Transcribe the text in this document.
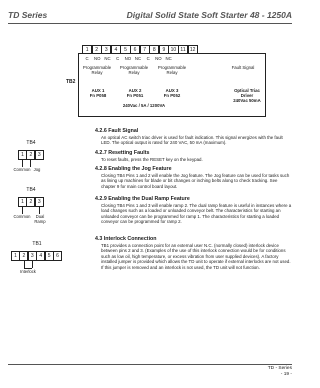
TD Series	Digital Solid State Soft Starter 48 - 1250A
TB2
1	2	3	4	5	6	7	8	9	10 11 12
C	NO NC	C	NO NC	C	NO NC
Programmable Relay
Programmable Relay
Programmable Relay
Fault Signal
AUX 1
Fn P058
AUX 2
Fn P051
AUX 3
Fn P052
240Vac / 5A / 1200VA
Optical Triac Driver 240Vac 50mA
TB4
1	2	3
Common Jog
TB4
1	2	3
Common	Dual Ramp
TB1
1	2	3	4	5	6
Interlock
4.2.6 Fault Signal

An optical AC switch triac driver is used for fault indication. This signal energizes with the fault LED. The optical output is rated for 240 VAC, 50 mA (maximum).

4.2.7 Resetting Faults

To reset faults, press the RESET key on the keypad.

4.2.8 Enabling the Jog Feature

Closing TB4 Pins 1 and 2 will enable the Jog feature. The Jog feature can be used for tasks such as lining up machines for blade or bit changes or inching belts along to check tracking. See chapter 9 for main control board layout.

4.2.9 Enabling the Dual Ramp Feature

Closing TB4 Pins 1 and 3 will enable ramp 2. The dual ramp feature is useful in instances where a load changes such as a loaded or unloaded conveyor belt. The characteristics for starting an unloaded conveyor can be programmed for ramp 1. The characteristics for starting a loaded conveyor can be programmed for ramp 2.

4.3 Interlock Connection

TB1 provides a connection point for an external user N.C. (normally closed) interlock device between pins 2 and 3. (Examples of the use of this interlock connection would be for conditions such as low oil, high temperature, or excess vibration from user supplied devices). A factory installed jumper is provided which allows the TD unit to operate if external interlocks are not used. If this jumper is removed and an interlock is not used, the TD unit will not function.

TD - Series
- 19 -
